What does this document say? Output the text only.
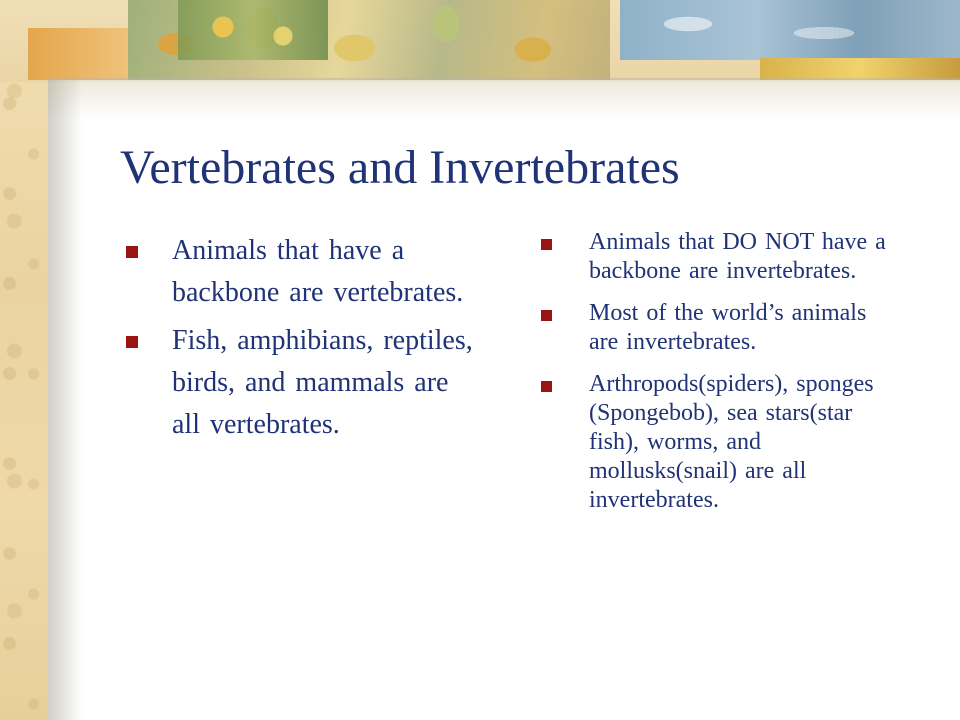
Vertebrates and Invertebrates
Animals that have a backbone are vertebrates.
Fish, amphibians, reptiles, birds, and mammals are all vertebrates.
Animals that DO NOT have a backbone are invertebrates.
Most of the world’s animals are invertebrates.
Arthropods(spiders), sponges (Spongebob), sea stars(star fish), worms, and mollusks(snail) are all invertebrates.
